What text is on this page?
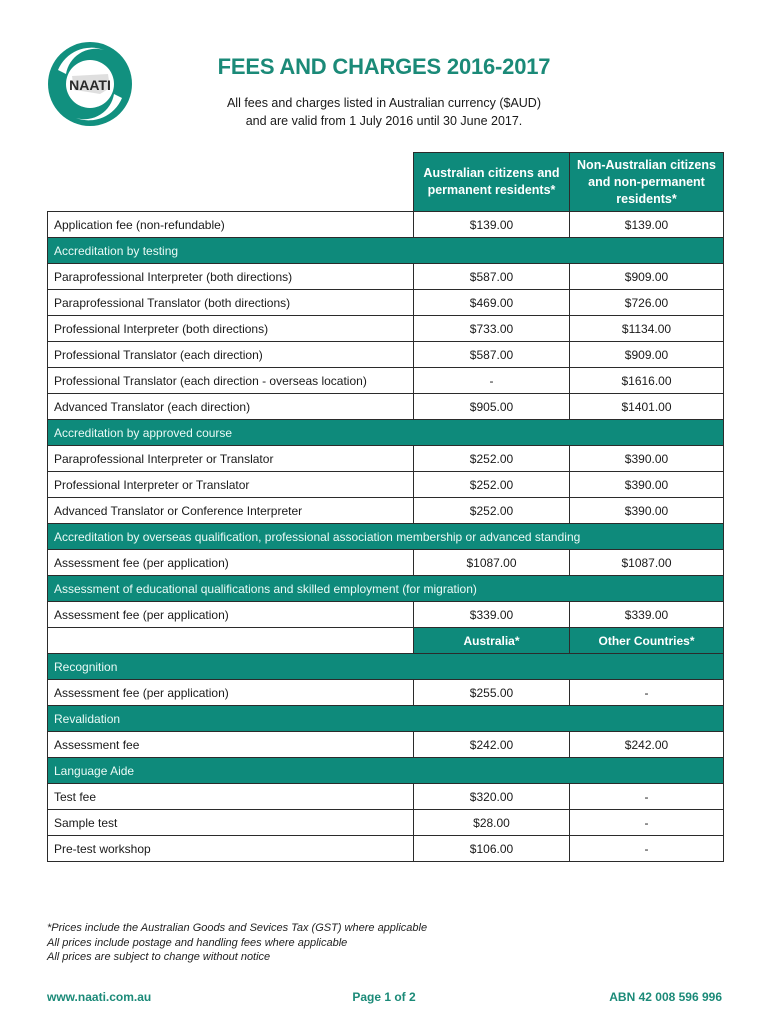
NAATI
FEES AND CHARGES 2016-2017
All fees and charges listed in Australian currency ($AUD)
and are valid from 1 July 2016 until 30 June 2017.
	Australian citizens and permanent residents*	Non-Australian citizens and non-permanent residents*
Application fee (non-refundable)	$139.00	$139.00
Accreditation by testing		
Paraprofessional Interpreter (both directions)	$587.00	$909.00
Paraprofessional Translator (both directions)	$469.00	$726.00
Professional Interpreter (both directions)	$733.00	$1134.00
Professional Translator (each direction)	$587.00	$909.00
Professional Translator (each direction - overseas location)	-	$1616.00
Advanced Translator (each direction)	$905.00	$1401.00
Accreditation by approved course		
Paraprofessional Interpreter or Translator	$252.00	$390.00
Professional Interpreter or Translator	$252.00	$390.00
Advanced Translator or Conference Interpreter	$252.00	$390.00
Accreditation by overseas qualification, professional association membership or advanced standing		
Assessment fee (per application)	$1087.00	$1087.00
Assessment of educational qualifications and skilled employment (for migration)		
Assessment fee (per application)	$339.00	$339.00
	Australia*	Other Countries*
Recognition		
Assessment fee (per application)	$255.00	-
Revalidation		
Assessment fee	$242.00	$242.00
Language Aide		
Test fee	$320.00	-
Sample test	$28.00	-
Pre-test workshop	$106.00	-
*Prices include the Australian Goods and Sevices Tax (GST) where applicable
All prices include postage and handling fees where applicable
All prices are subject to change without notice
www.naati.com.au	Page 1 of 2	ABN 42 008 596 996
